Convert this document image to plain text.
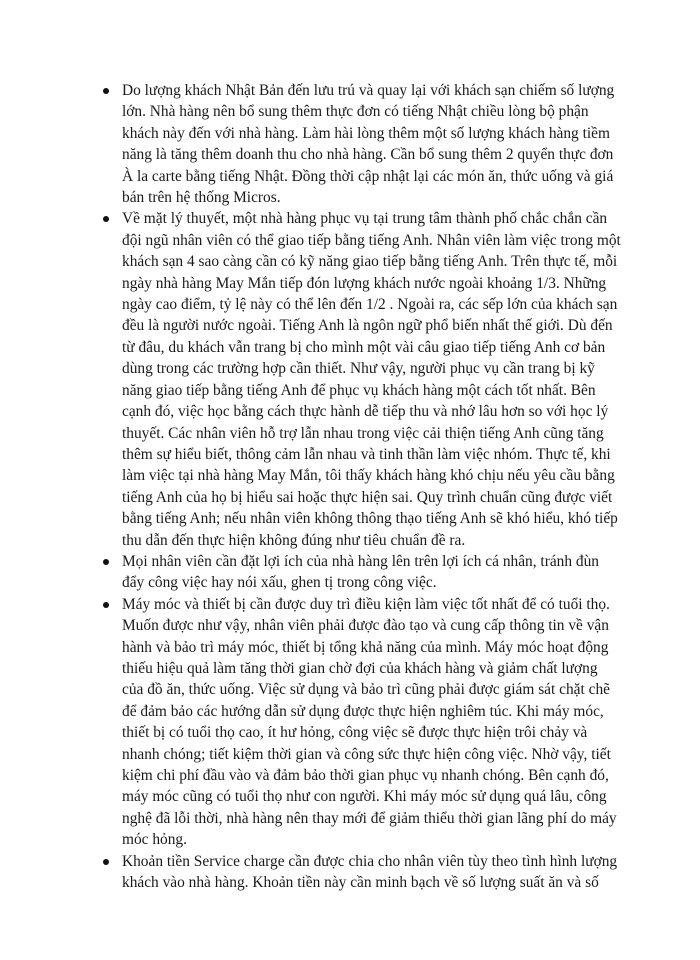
Do lượng khách Nhật Bản đến lưu trú và quay lại với khách sạn chiếm số lượng lớn. Nhà hàng nên bổ sung thêm thực đơn có tiếng Nhật chiều lòng bộ phận khách này đến với nhà hàng. Làm hài lòng thêm một số lượng khách hàng tiềm năng là tăng thêm doanh thu cho nhà hàng. Cần bổ sung thêm 2 quyển thực đơn À la carte bằng tiếng Nhật. Đồng thời cập nhật lại các món ăn, thức uống và giá bán trên hệ thống Micros.
Về mặt lý thuyết, một nhà hàng phục vụ tại trung tâm thành phố chắc chắn cần đội ngũ nhân viên có thể giao tiếp bằng tiếng Anh. Nhân viên làm việc trong một khách sạn 4 sao càng cần có kỹ năng giao tiếp bằng tiếng Anh. Trên thực tế, mỗi ngày nhà hàng May Mắn tiếp đón lượng khách nước ngoài khoảng 1/3. Những ngày cao điểm, tỷ lệ này có thể lên đến 1/2 . Ngoài ra, các sếp lớn của khách sạn đều là người nước ngoài. Tiếng Anh là ngôn ngữ phổ biến nhất thế giới. Dù đến từ đâu, du khách vẫn trang bị cho mình một vài câu giao tiếp tiếng Anh cơ bản dùng trong các trường hợp cần thiết. Như vậy, người phục vụ cần trang bị kỹ năng giao tiếp bằng tiếng Anh để phục vụ khách hàng một cách tốt nhất. Bên cạnh đó, việc học bằng cách thực hành dễ tiếp thu và nhớ lâu hơn so với học lý thuyết. Các nhân viên hỗ trợ lẫn nhau trong việc cải thiện tiếng Anh cũng tăng thêm sự hiểu biết, thông cảm lẫn nhau và tinh thần làm việc nhóm. Thực tế, khi làm việc tại nhà hàng May Mắn, tôi thấy khách hàng khó chịu nếu yêu cầu bằng tiếng Anh của họ bị hiểu sai hoặc thực hiện sai. Quy trình chuẩn cũng được viết bằng tiếng Anh; nếu nhân viên không thông thạo tiếng Anh sẽ khó hiểu, khó tiếp thu dẫn đến thực hiện không đúng như tiêu chuẩn đề ra.
Mọi nhân viên cần đặt lợi ích của nhà hàng lên trên lợi ích cá nhân, tránh đùn đẩy công việc hay nói xấu, ghen tị trong công việc.
Máy móc và thiết bị cần được duy trì điều kiện làm việc tốt nhất để có tuổi thọ. Muốn được như vậy, nhân viên phải được đào tạo và cung cấp thông tin về vận hành và bảo trì máy móc, thiết bị tổng khả năng của mình. Máy móc hoạt động thiếu hiệu quả làm tăng thời gian chờ đợi của khách hàng và giảm chất lượng của đồ ăn, thức uống. Việc sử dụng và bảo trì cũng phải được giám sát chặt chẽ để đảm bảo các hướng dẫn sử dụng được thực hiện nghiêm túc. Khi máy móc, thiết bị có tuổi thọ cao, ít hư hỏng, công việc sẽ được thực hiện trôi chảy và nhanh chóng; tiết kiệm thời gian và công sức thực hiện công việc. Nhờ vậy, tiết kiệm chi phí đầu vào và đảm bảo thời gian phục vụ nhanh chóng. Bên cạnh đó, máy móc cũng có tuổi thọ như con người. Khi máy móc sử dụng quá lâu, công nghệ đã lỗi thời, nhà hàng nên thay mới để giảm thiểu thời gian lãng phí do máy móc hỏng.
Khoản tiền Service charge cần được chia cho nhân viên tùy theo tình hình lượng khách vào nhà hàng. Khoản tiền này cần minh bạch về số lượng suất ăn và số
